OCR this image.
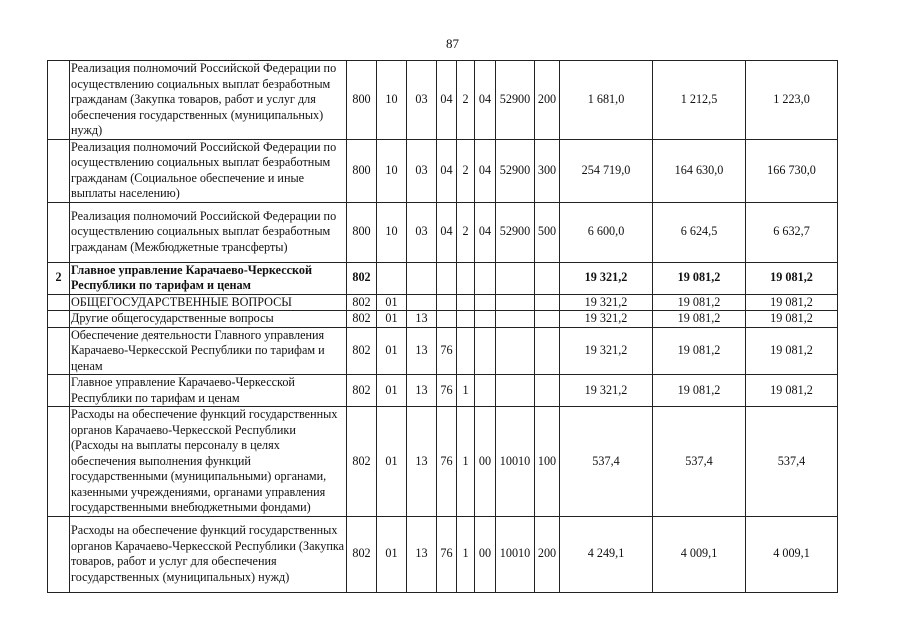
87
	Реализация полномочий Российской Федерации по осуществлению социальных выплат безработным гражданам (Закупка товаров, работ и услуг для обеспечения государственных (муниципальных) нужд)	800	10	03	04	2	04	52900	200	1 681,0	1 212,5	1 223,0
	Реализация полномочий Российской Федерации по осуществлению социальных выплат безработным гражданам (Социальное обеспечение и иные выплаты населению)	800	10	03	04	2	04	52900	300	254 719,0	164 630,0	166 730,0
	Реализация полномочий Российской Федерации по осуществлению социальных выплат безработным гражданам (Межбюджетные трансферты)	800	10	03	04	2	04	52900	500	6 600,0	6 624,5	6 632,7
2	Главное управление Карачаево-Черкесской Республики по тарифам и ценам	802								19 321,2	19 081,2	19 081,2
	ОБЩЕГОСУДАРСТВЕННЫЕ ВОПРОСЫ	802	01							19 321,2	19 081,2	19 081,2
	Другие общегосударственные вопросы	802	01	13						19 321,2	19 081,2	19 081,2
	Обеспечение деятельности Главного управления Карачаево-Черкесской Республики по тарифам и ценам	802	01	13	76					19 321,2	19 081,2	19 081,2
	Главное управление Карачаево-Черкесской Республики по тарифам и ценам	802	01	13	76	1				19 321,2	19 081,2	19 081,2
	Расходы на обеспечение функций государственных органов Карачаево-Черкесской Республики (Расходы на выплаты персоналу в целях обеспечения выполнения функций государственными (муниципальными) органами, казенными учреждениями, органами управления государственными внебюджетными фондами)	802	01	13	76	1	00	10010	100	537,4	537,4	537,4
	Расходы на обеспечение функций государственных органов Карачаево-Черкесской Республики (Закупка товаров, работ и услуг для обеспечения государственных (муниципальных) нужд)	802	01	13	76	1	00	10010	200	4 249,1	4 009,1	4 009,1
